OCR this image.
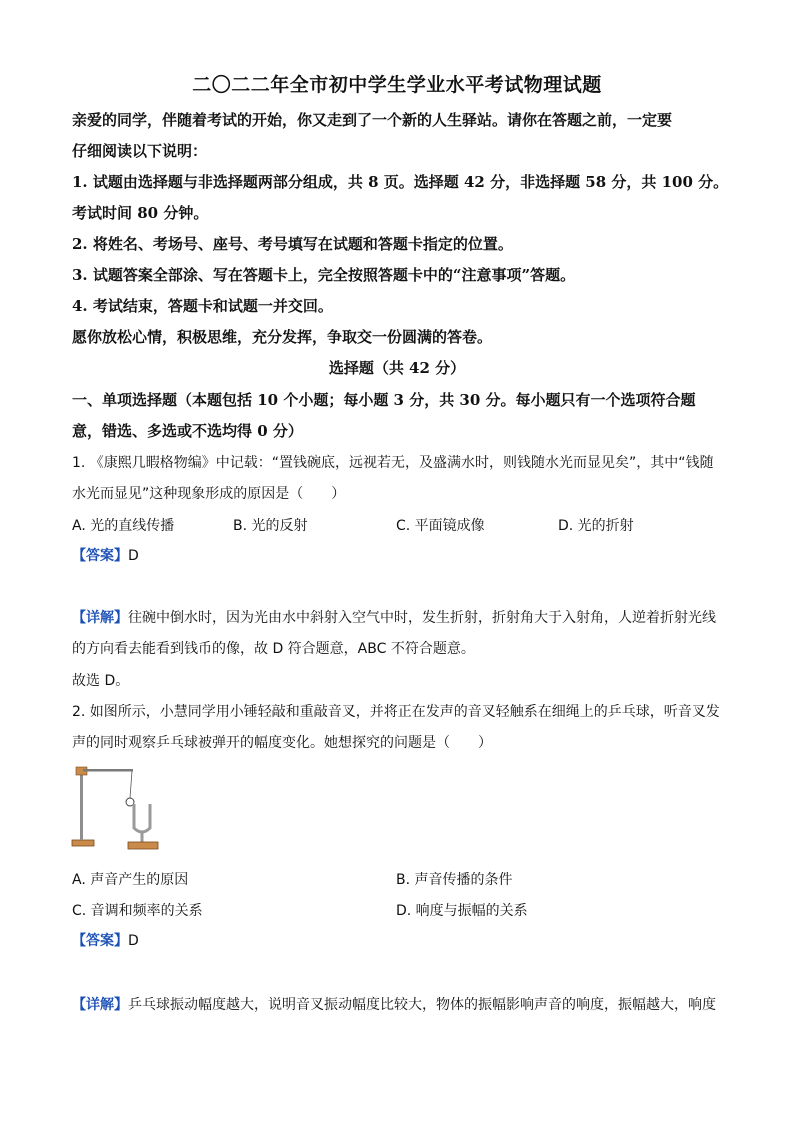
二〇二二年全市初中学生学业水平考试物理试题
亲爱的同学，伴随着考试的开始，你又走到了一个新的人生驿站。请你在答题之前，一定要
仔细阅读以下说明：
1. 试题由选择题与非选择题两部分组成，共 8 页。选择题 42 分，非选择题 58 分，共 100 分。
考试时间 80 分钟。
2. 将姓名、考场号、座号、考号填写在试题和答题卡指定的位置。
3. 试题答案全部涂、写在答题卡上，完全按照答题卡中的“注意事项”答题。
4. 考试结束，答题卡和试题一并交回。
愿你放松心情，积极思维，充分发挥，争取交一份圆满的答卷。
选择题（共 42 分）
一、单项选择题（本题包括 10 个小题；每小题 3 分，共 30 分。每小题只有一个选项符合题
意，错选、多选或不选均得 0 分）
1. 《康熙几暇格物编》中记载：“置钱碗底，远视若无，及盛满水时，则钱随水光而显见矣”，其中“钱随
水光而显见”这种现象形成的原因是（　　）
A. 光的直线传播	B. 光的反射	C. 平面镜成像	D. 光的折射
【答案】D
【详解】往碗中倒水时，因为光由水中斜射入空气中时，发生折射，折射角大于入射角，人逆着折射光线
的方向看去能看到钱币的像，故 D 符合题意，ABC 不符合题意。
故选 D。
2. 如图所示，小慧同学用小锤轻敲和重敲音叉，并将正在发声的音叉轻触系在细绳上的乒乓球，听音叉发
声的同时观察乒乓球被弹开的幅度变化。她想探究的问题是（　　）
A. 声音产生的原因	B. 声音传播的条件
C. 音调和频率的关系	D. 响度与振幅的关系
【答案】D
【详解】乒乓球振动幅度越大，说明音叉振动幅度比较大，物体的振幅影响声音的响度，振幅越大，响度
